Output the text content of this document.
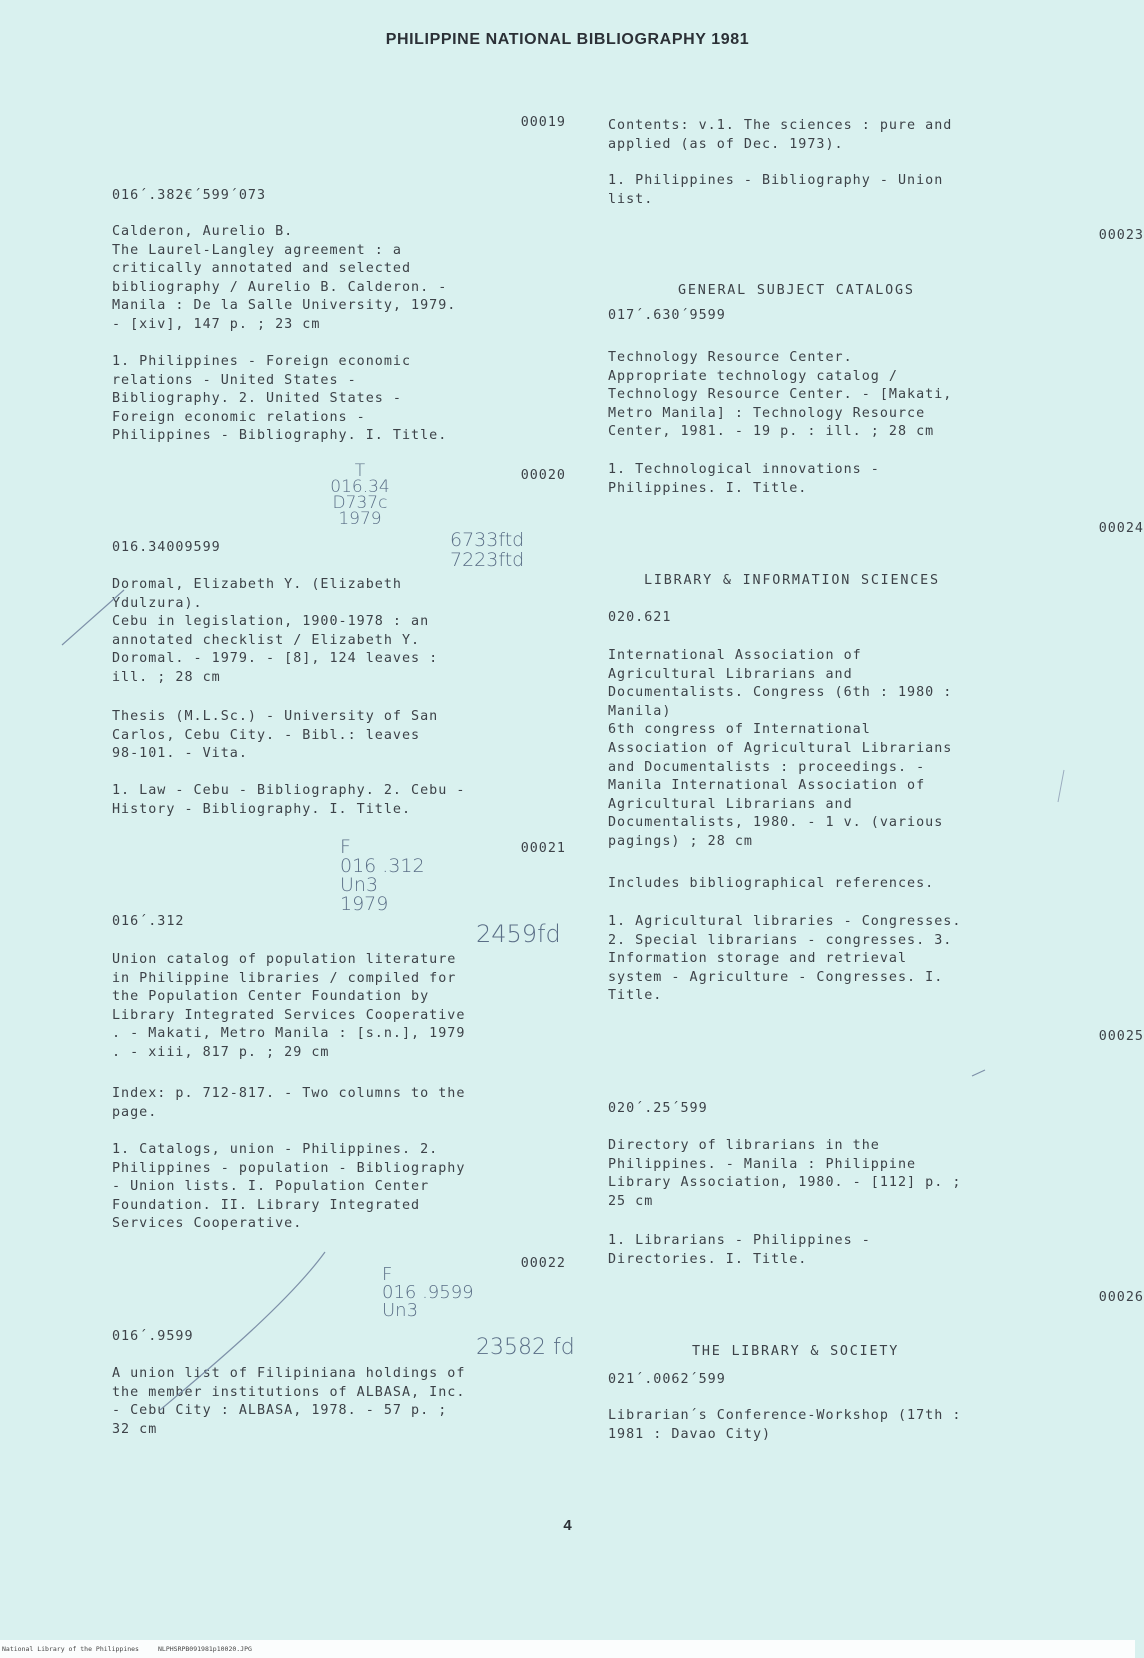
PHILIPPINE NATIONAL BIBLIOGRAPHY 1981
00019
016´.382€´599´073
Calderon, Aurelio B.
The Laurel-Langley agreement : a
critically annotated and selected
bibliography / Aurelio B. Calderon. -
Manila : De la Salle University, 1979.
- [xiv], 147 p. ; 23 cm
1. Philippines - Foreign economic
relations - United States -
Bibliography. 2. United States -
Foreign economic relations -
Philippines - Bibliography. I. Title.
00020
016.34009599
Doromal, Elizabeth Y. (Elizabeth
Ydulzura).
Cebu in legislation, 1900-1978 : an
annotated checklist / Elizabeth Y.
Doromal. - 1979. - [8], 124 leaves :
ill. ; 28 cm
Thesis (M.L.Sc.) - University of San
Carlos, Cebu City. - Bibl.: leaves
98-101. - Vita.
1. Law - Cebu - Bibliography. 2. Cebu -
History - Bibliography. I. Title.
00021
016´.312
Union catalog of population literature
in Philippine libraries / compiled for
the Population Center Foundation by
Library Integrated Services Cooperative
. - Makati, Metro Manila : [s.n.], 1979
. - xiii, 817 p. ; 29 cm
Index: p. 712-817. - Two columns to the
page.
1. Catalogs, union - Philippines. 2.
Philippines - population - Bibliography
- Union lists. I. Population Center
Foundation. II. Library Integrated
Services Cooperative.
00022
016´.9599
A union list of Filipiniana holdings of
the member institutions of ALBASA, Inc.
- Cebu City : ALBASA, 1978. - 57 p. ;
32 cm
T
016.34
D737c
1979
6733ftd
7223ftd
F
016 .312
Un3
1979
2459fd
F
016 .9599
Un3
23582 fd
Contents: v.1. The sciences : pure and
applied (as of Dec. 1973).
1. Philippines - Bibliography - Union
list.
00023
GENERAL SUBJECT CATALOGS
017´.630´9599
Technology Resource Center.
Appropriate technology catalog /
Technology Resource Center. - [Makati,
Metro Manila] : Technology Resource
Center, 1981. - 19 p. : ill. ; 28 cm
1. Technological innovations -
Philippines. I. Title.
00024
LIBRARY & INFORMATION SCIENCES
020.621
International Association of
Agricultural Librarians and
Documentalists. Congress (6th : 1980 :
Manila)
6th congress of International
Association of Agricultural Librarians
and Documentalists : proceedings. -
Manila International Association of
Agricultural Librarians and
Documentalists, 1980. - 1 v. (various
pagings) ; 28 cm
Includes bibliographical references.
1. Agricultural libraries - Congresses.
2. Special librarians - congresses. 3.
Information storage and retrieval
system - Agriculture - Congresses. I.
Title.
00025
020´.25´599
Directory of librarians in the
Philippines. - Manila : Philippine
Library Association, 1980. - [112] p. ;
25 cm
1. Librarians - Philippines -
Directories. I. Title.
00026
THE LIBRARY & SOCIETY
021´.0062´599
Librarian´s Conference-Workshop (17th :
1981 : Davao City)
4
National Library of the Philippines	NLPHSRPB091981p10020.JPG
